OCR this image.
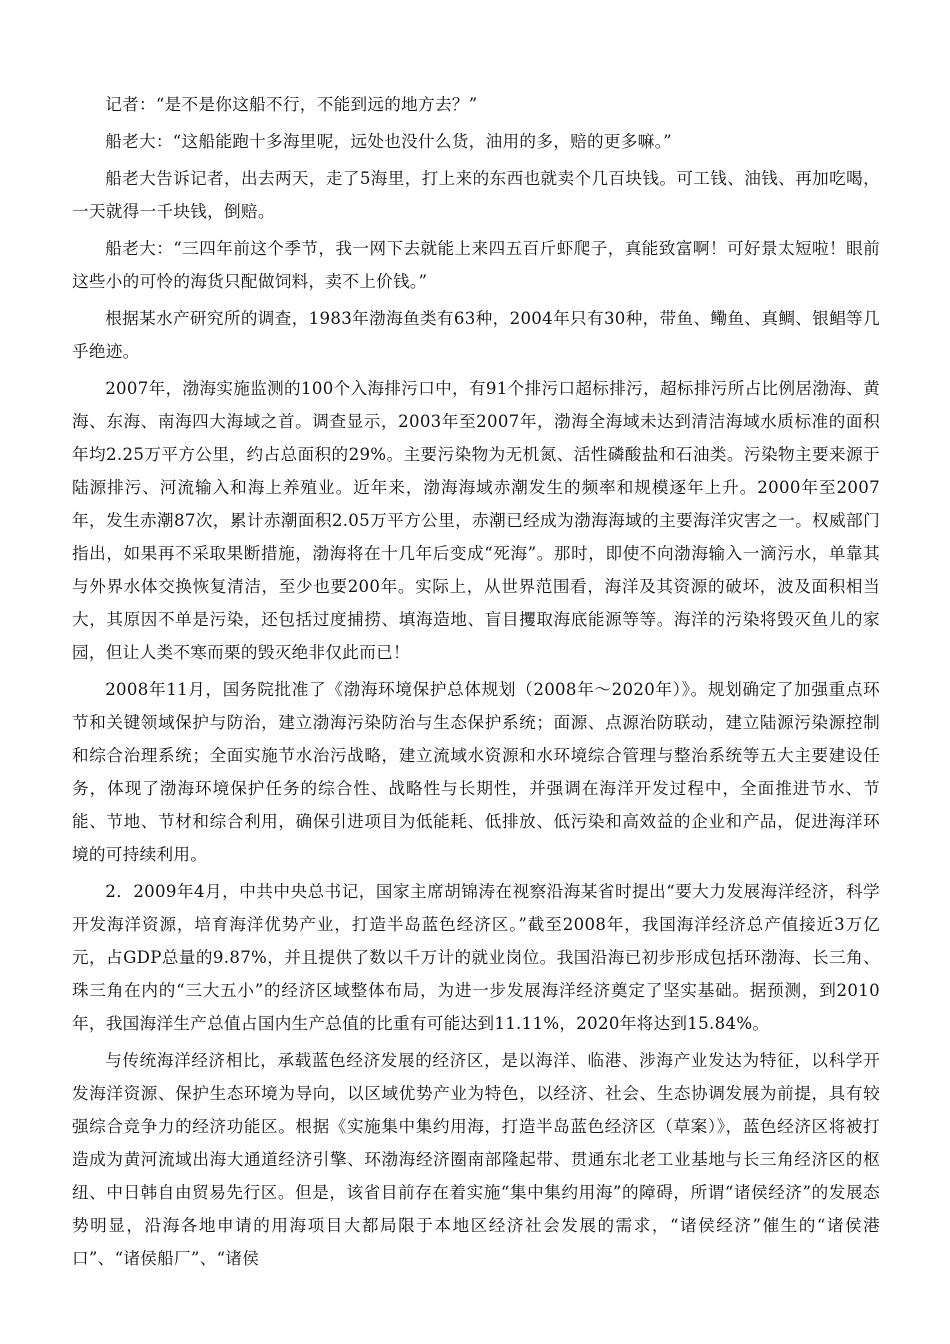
记者：“是不是你这船不行，不能到远的地方去？”

船老大：“这船能跑十多海里呢，远处也没什么货，油用的多，赔的更多嘛。”

船老大告诉记者，出去两天，走了5海里，打上来的东西也就卖个几百块钱。可工钱、油钱、再加吃喝，一天就得一千块钱，倒赔。

船老大：“三四年前这个季节，我一网下去就能上来四五百斤虾爬子，真能致富啊！可好景太短啦！眼前这些小的可怜的海货只配做饲料，卖不上价钱。”

根据某水产研究所的调查，1983年渤海鱼类有63种，2004年只有30种，带鱼、鳓鱼、真鲷、银鲳等几乎绝迹。

2007年，渤海实施监测的100个入海排污口中，有91个排污口超标排污，超标排污所占比例居渤海、黄海、东海、南海四大海域之首。调查显示，2003年至2007年，渤海全海域未达到清洁海域水质标准的面积年均2.25万平方公里，约占总面积的29%。主要污染物为无机氮、活性磷酸盐和石油类。污染物主要来源于陆源排污、河流输入和海上养殖业。近年来，渤海海域赤潮发生的频率和规模逐年上升。2000年至2007年，发生赤潮87次，累计赤潮面积2.05万平方公里，赤潮已经成为渤海海域的主要海洋灾害之一。权威部门指出，如果再不采取果断措施，渤海将在十几年后变成“死海”。那时，即使不向渤海输入一滴污水，单靠其与外界水体交换恢复清洁，至少也要200年。实际上，从世界范围看，海洋及其资源的破坏，波及面积相当大，其原因不单是污染，还包括过度捕捞、填海造地、盲目攫取海底能源等等。海洋的污染将毁灭鱼儿的家园，但让人类不寒而栗的毁灭绝非仅此而已！

2008年11月，国务院批准了《渤海环境保护总体规划（2008年～2020年）》。规划确定了加强重点环节和关键领域保护与防治，建立渤海污染防治与生态保护系统；面源、点源治防联动，建立陆源污染源控制和综合治理系统；全面实施节水治污战略，建立流域水资源和水环境综合管理与整治系统等五大主要建设任务，体现了渤海环境保护任务的综合性、战略性与长期性，并强调在海洋开发过程中，全面推进节水、节能、节地、节材和综合利用，确保引进项目为低能耗、低排放、低污染和高效益的企业和产品，促进海洋环境的可持续利用。

2．2009年4月，中共中央总书记，国家主席胡锦涛在视察沿海某省时提出“要大力发展海洋经济，科学开发海洋资源，培育海洋优势产业，打造半岛蓝色经济区。”截至2008年，我国海洋经济总产值接近3万亿元，占GDP总量的9.87%，并且提供了数以千万计的就业岗位。我国沿海已初步形成包括环渤海、长三角、珠三角在内的“三大五小”的经济区域整体布局，为进一步发展海洋经济奠定了坚实基础。据预测，到2010年，我国海洋生产总值占国内生产总值的比重有可能达到11.11%，2020年将达到15.84%。

与传统海洋经济相比，承载蓝色经济发展的经济区，是以海洋、临港、涉海产业发达为特征，以科学开发海洋资源、保护生态环境为导向，以区域优势产业为特色，以经济、社会、生态协调发展为前提，具有较强综合竞争力的经济功能区。根据《实施集中集约用海，打造半岛蓝色经济区（草案）》，蓝色经济区将被打造成为黄河流域出海大通道经济引擎、环渤海经济圈南部隆起带、贯通东北老工业基地与长三角经济区的枢纽、中日韩自由贸易先行区。但是，该省目前存在着实施“集中集约用海”的障碍，所谓“诸侯经济”的发展态势明显，沿海各地申请的用海项目大都局限于本地区经济社会发展的需求，“诸侯经济”催生的“诸侯港口”、“诸侯船厂”、“诸侯
